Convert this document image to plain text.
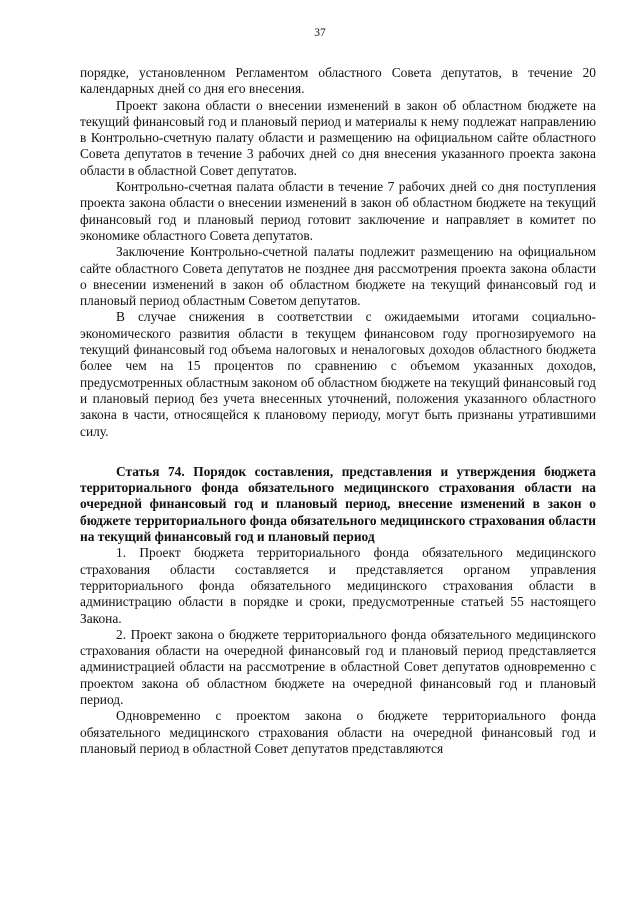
37

порядке, установленном Регламентом областного Совета депутатов, в течение 20 календарных дней со дня его внесения.

Проект закона области о внесении изменений в закон об областном бюджете на текущий финансовый год и плановый период и материалы к нему подлежат направлению в Контрольно-счетную палату области и размещению на официальном сайте областного Совета депутатов в течение 3 рабочих дней со дня внесения указанного проекта закона области в областной Совет депутатов.

Контрольно-счетная палата области в течение 7 рабочих дней со дня поступления проекта закона области о внесении изменений в закон об областном бюджете на текущий финансовый год и плановый период готовит заключение и направляет в комитет по экономике областного Совета депутатов.

Заключение Контрольно-счетной палаты подлежит размещению на официальном сайте областного Совета депутатов не позднее дня рассмотрения проекта закона области о внесении изменений в закон об областном бюджете на текущий финансовый год и плановый период областным Советом депутатов.

В случае снижения в соответствии с ожидаемыми итогами социально-экономического развития области в текущем финансовом году прогнозируемого на текущий финансовый год объема налоговых и неналоговых доходов областного бюджета более чем на 15 процентов по сравнению с объемом указанных доходов, предусмотренных областным законом об областном бюджете на текущий финансовый год и плановый период без учета внесенных уточнений, положения указанного областного закона в части, относящейся к плановому периоду, могут быть признаны утратившими силу.

Статья 74. Порядок составления, представления и утверждения бюджета территориального фонда обязательного медицинского страхования области на очередной финансовый год и плановый период, внесение изменений в закон о бюджете территориального фонда обязательного медицинского страхования области на текущий финансовый год и плановый период

1. Проект бюджета территориального фонда обязательного медицинского страхования области составляется и представляется органом управления территориального фонда обязательного медицинского страхования области в администрацию области в порядке и сроки, предусмотренные статьей 55 настоящего Закона.

2. Проект закона о бюджете территориального фонда обязательного медицинского страхования области на очередной финансовый год и плановый период представляется администрацией области на рассмотрение в областной Совет депутатов одновременно с проектом закона об областном бюджете на очередной финансовый год и плановый период.

Одновременно с проектом закона о бюджете территориального фонда обязательного медицинского страхования области на очередной финансовый год и плановый период в областной Совет депутатов представляются
